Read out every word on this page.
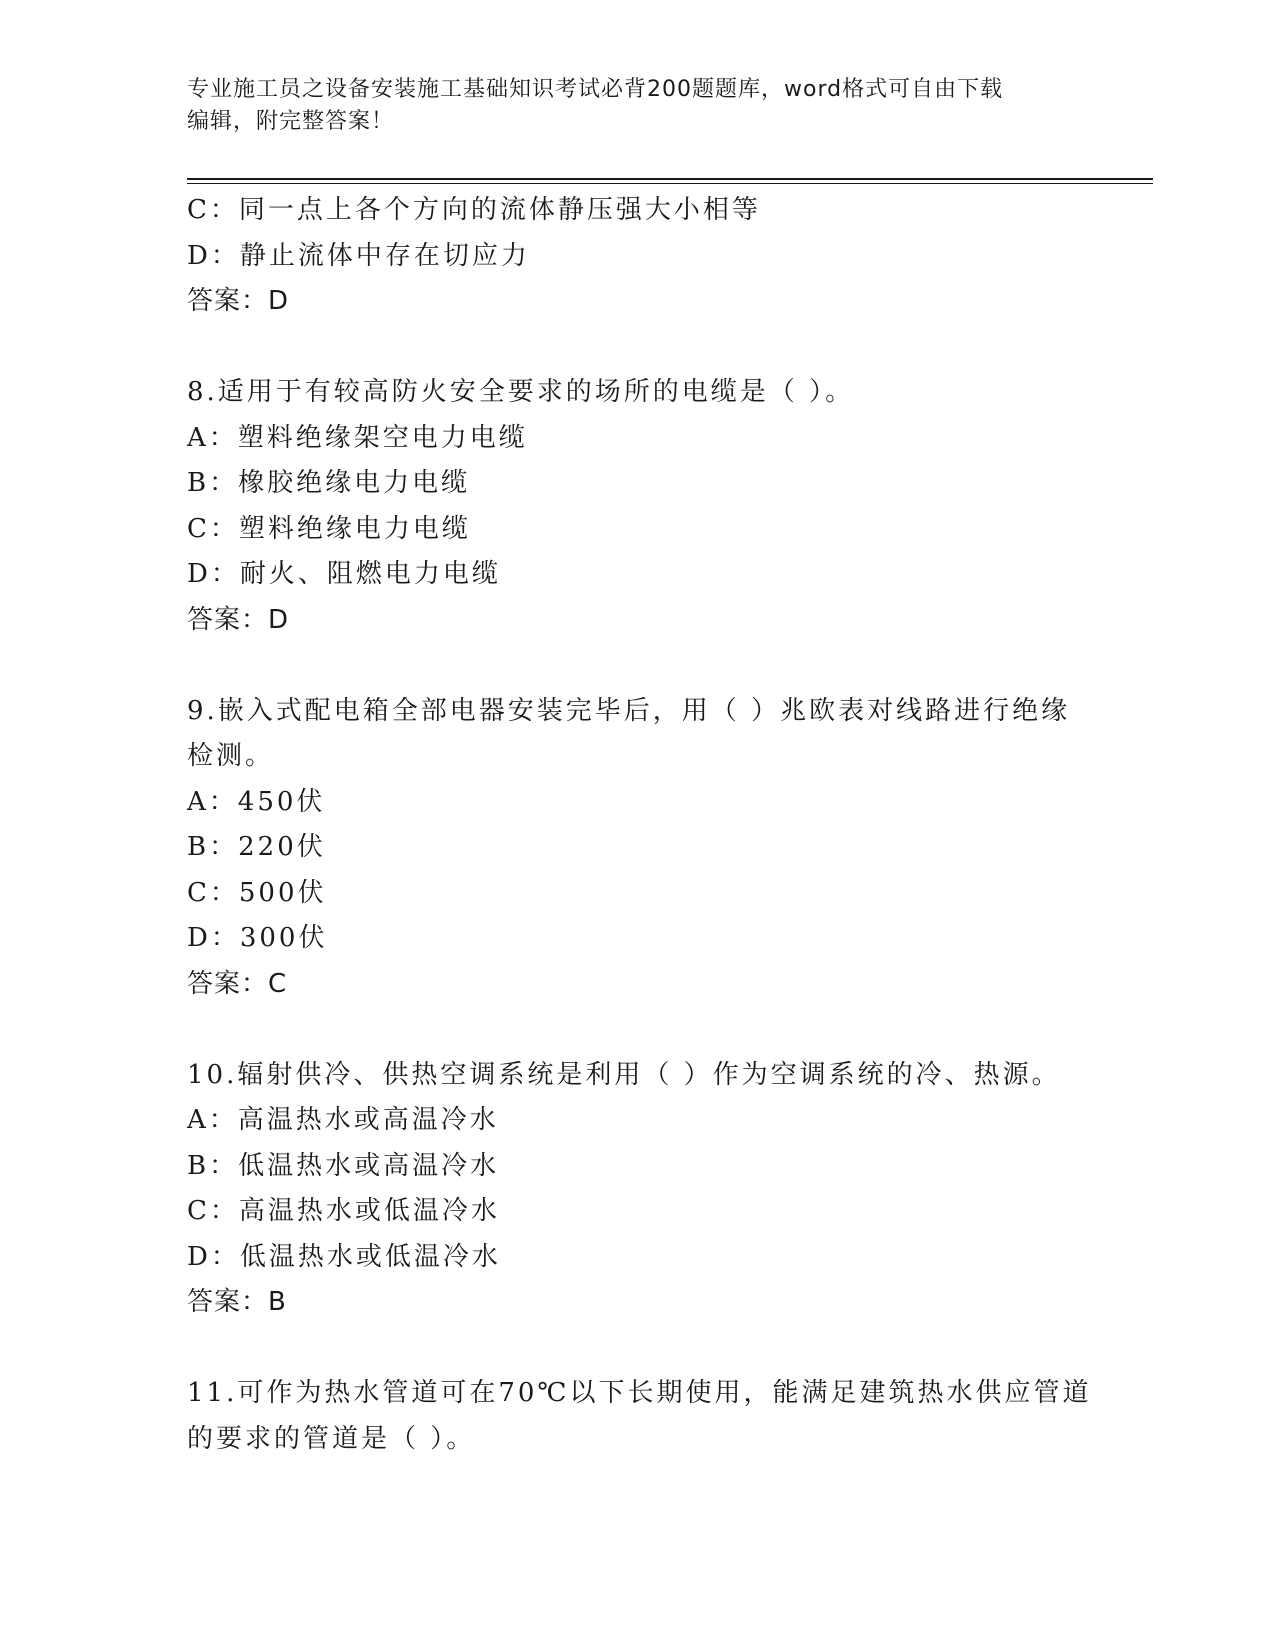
专业施工员之设备安装施工基础知识考试必背200题题库，word格式可自由下载
编辑，附完整答案！
C：同一点上各个方向的流体静压强大小相等
D：静止流体中存在切应力
答案：D
8.适用于有较高防火安全要求的场所的电缆是（ ）。
A：塑料绝缘架空电力电缆
B：橡胶绝缘电力电缆
C：塑料绝缘电力电缆
D：耐火、阻燃电力电缆
答案：D
9.嵌入式配电箱全部电器安装完毕后，用（ ）兆欧表对线路进行绝缘
检测。
A：450伏
B：220伏
C：500伏
D：300伏
答案：C
10.辐射供冷、供热空调系统是利用（ ）作为空调系统的冷、热源。
A：高温热水或高温冷水
B：低温热水或高温冷水
C：高温热水或低温冷水
D：低温热水或低温冷水
答案：B
11.可作为热水管道可在70℃以下长期使用，能满足建筑热水供应管道
的要求的管道是（ ）。
